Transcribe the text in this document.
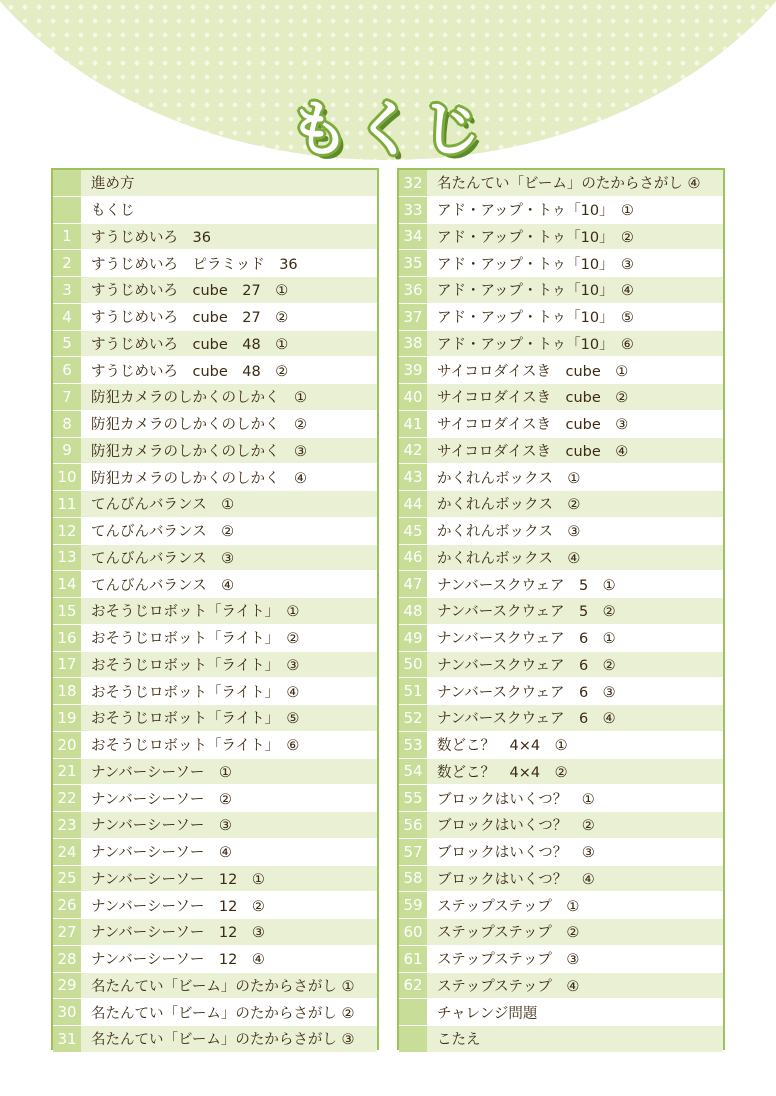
もくじ
進め方
もくじ
1	すうじめいろ　36
2	すうじめいろ　ピラミッド　36
3	すうじめいろ　cube　27　①
4	すうじめいろ　cube　27　②
5	すうじめいろ　cube　48　①
6	すうじめいろ　cube　48　②
7	防犯カメラのしかくのしかく　①
8	防犯カメラのしかくのしかく　②
9	防犯カメラのしかくのしかく　③
10 防犯カメラのしかくのしかく　④
11 てんびんバランス　①
12 てんびんバランス　②
13 てんびんバランス　③
14 てんびんバランス　④
15 おそうじロボット「ライト」　①
16 おそうじロボット「ライト」　②
17 おそうじロボット「ライト」　③
18 おそうじロボット「ライト」　④
19 おそうじロボット「ライト」　⑤
20 おそうじロボット「ライト」　⑥
21 ナンバーシーソー　①
22 ナンバーシーソー　②
23 ナンバーシーソー　③
24 ナンバーシーソー　④
25 ナンバーシーソー　12　①
26 ナンバーシーソー　12　②
27 ナンバーシーソー　12　③
28 ナンバーシーソー　12　④
29 名たんてい「ビーム」のたからさがし ①
30 名たんてい「ビーム」のたからさがし ②
31 名たんてい「ビーム」のたからさがし ③
32 名たんてい「ビーム」のたからさがし ④
33 アド・アップ・トゥ「10」　①
34 アド・アップ・トゥ「10」　②
35 アド・アップ・トゥ「10」　③
36 アド・アップ・トゥ「10」　④
37 アド・アップ・トゥ「10」　⑤
38 アド・アップ・トゥ「10」　⑥
39 サイコロダイスき　cube　①
40 サイコロダイスき　cube　②
41 サイコロダイスき　cube　③
42 サイコロダイスき　cube　④
43 かくれんボックス　①
44 かくれんボックス　②
45 かくれんボックス　③
46 かくれんボックス　④
47 ナンバースクウェア　5　①
48 ナンバースクウェア　5　②
49 ナンバースクウェア　6　①
50 ナンバースクウェア　6　②
51 ナンバースクウェア　6　③
52 ナンバースクウェア　6　④
53 数どこ？　4×4　①
54 数どこ？　4×4　②
55 ブロックはいくつ？　①
56 ブロックはいくつ？　②
57 ブロックはいくつ？　③
58 ブロックはいくつ？　④
59 ステップステップ　①
60 ステップステップ　②
61 ステップステップ　③
62 ステップステップ　④
チャレンジ問題
こたえ
